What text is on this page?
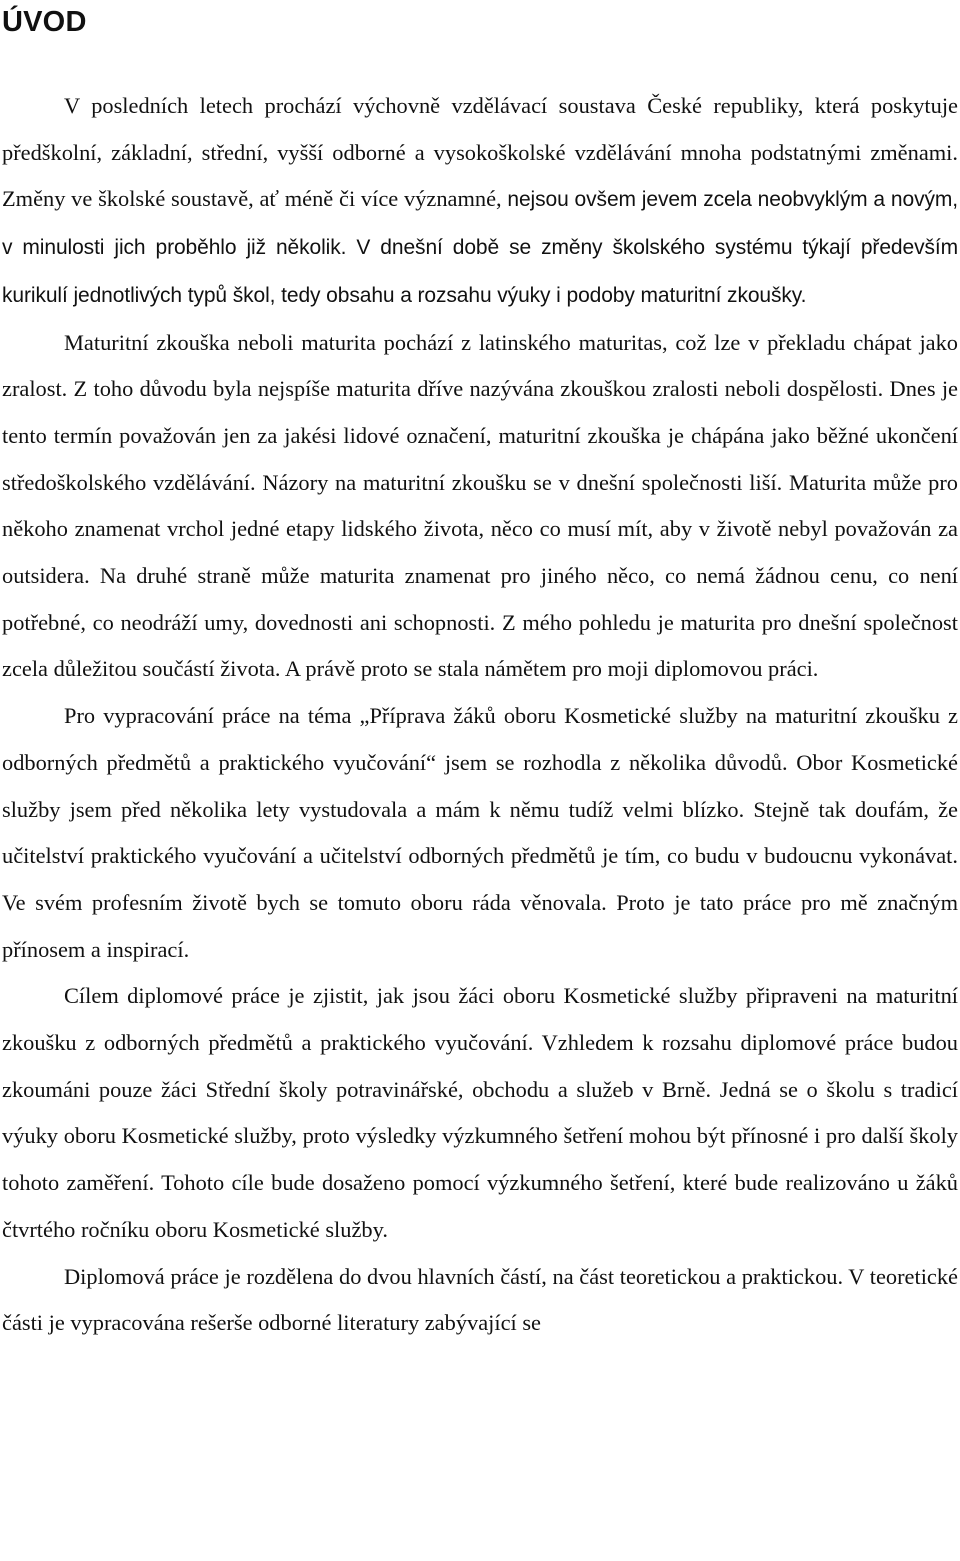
ÚVOD

V posledních letech prochází výchovně vzdělávací soustava České republiky, která poskytuje předškolní, základní, střední, vyšší odborné a vysokoškolské vzdělávání mnoha podstatnými změnami. Změny ve školské soustavě, ať méně či více významné, nejsou ovšem jevem zcela neobvyklým a novým, v minulosti jich proběhlo již několik. V dnešní době se změny školského systému týkají především kurikulí jednotlivých typů škol, tedy obsahu a rozsahu výuky i podoby maturitní zkoušky.

Maturitní zkouška neboli maturita pochází z latinského maturitas, což lze v překladu chápat jako zralost. Z toho důvodu byla nejspíše maturita dříve nazývána zkouškou zralosti neboli dospělosti. Dnes je tento termín považován jen za jakési lidové označení, maturitní zkouška je chápána jako běžné ukončení středoškolského vzdělávání. Názory na maturitní zkoušku se v dnešní společnosti liší. Maturita může pro někoho znamenat vrchol jedné etapy lidského života, něco co musí mít, aby v životě nebyl považován za outsidera. Na druhé straně může maturita znamenat pro jiného něco, co nemá žádnou cenu, co není potřebné, co neodráží umy, dovednosti ani schopnosti. Z mého pohledu je maturita pro dnešní společnost zcela důležitou součástí života. A právě proto se stala námětem pro moji diplomovou práci.

Pro vypracování práce na téma „Příprava žáků oboru Kosmetické služby na maturitní zkoušku z odborných předmětů a praktického vyučování“ jsem se rozhodla z několika důvodů. Obor Kosmetické služby jsem před několika lety vystudovala a mám k němu tudíž velmi blízko. Stejně tak doufám, že učitelství praktického vyučování a učitelství odborných předmětů je tím, co budu v budoucnu vykonávat. Ve svém profesním životě bych se tomuto oboru ráda věnovala. Proto je tato práce pro mě značným přínosem a inspirací.

Cílem diplomové práce je zjistit, jak jsou žáci oboru Kosmetické služby připraveni na maturitní zkoušku z odborných předmětů a praktického vyučování. Vzhledem k rozsahu diplomové práce budou zkoumáni pouze žáci Střední školy potravinářské, obchodu a služeb v Brně. Jedná se o školu s tradicí výuky oboru Kosmetické služby, proto výsledky výzkumného šetření mohou být přínosné i pro další školy tohoto zaměření. Tohoto cíle bude dosaženo pomocí výzkumného šetření, které bude realizováno u žáků čtvrtého ročníku oboru Kosmetické služby.

Diplomová práce je rozdělena do dvou hlavních částí, na část teoretickou a praktickou. V teoretické části je vypracována rešerše odborné literatury zabývající se
